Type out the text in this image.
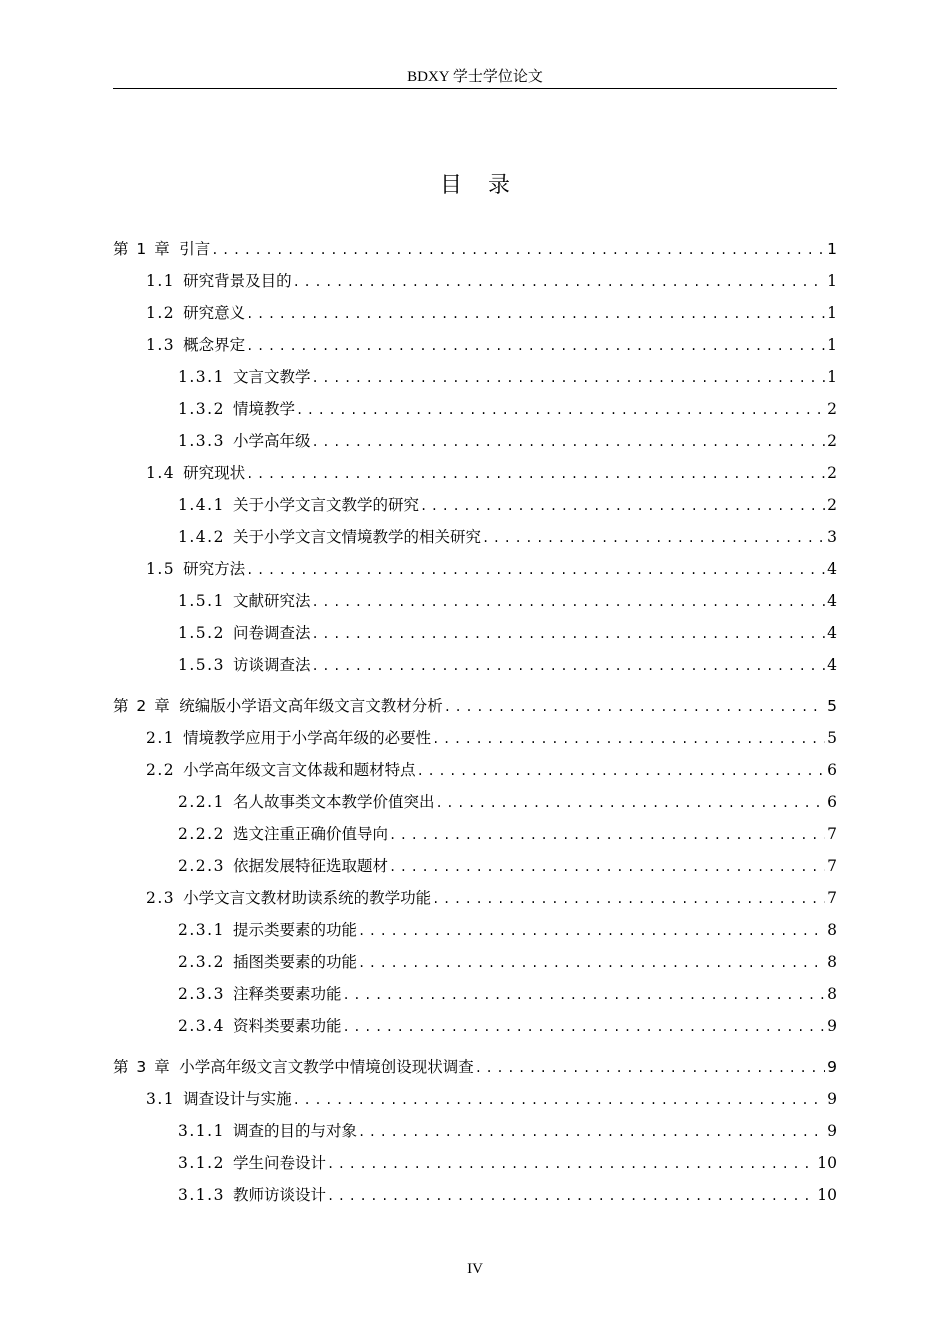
BDXY 学士学位论文
目 录
第 1 章 引言 .....	1
1.1 研究背景及目的 .....	1
1.2 研究意义 .....	1
1.3 概念界定 .....	1
1.3.1 文言文教学 .....	1
1.3.2 情境教学 .....	2
1.3.3 小学高年级 .....	2
1.4 研究现状 .....	2
1.4.1 关于小学文言文教学的研究 .....	2
1.4.2 关于小学文言文情境教学的相关研究 .....	3
1.5 研究方法 .....	4
1.5.1 文献研究法 .....	4
1.5.2 问卷调查法 .....	4
1.5.3 访谈调查法 .....	4
第 2 章 统编版小学语文高年级文言文教材分析 .....	5
2.1 情境教学应用于小学高年级的必要性 .....	5
2.2 小学高年级文言文体裁和题材特点 .....	6
2.2.1 名人故事类文本教学价值突出 .....	6
2.2.2 选文注重正确价值导向 .....	7
2.2.3 依据发展特征选取题材 .....	7
2.3 小学文言文教材助读系统的教学功能 .....	7
2.3.1 提示类要素的功能 .....	8
2.3.2 插图类要素的功能 .....	8
2.3.3 注释类要素功能 .....	8
2.3.4 资料类要素功能 .....	9
第 3 章 小学高年级文言文教学中情境创设现状调查 .....	9
3.1 调查设计与实施 .....	9
3.1.1 调查的目的与对象 .....	9
3.1.2 学生问卷设计 .....	10
3.1.3 教师访谈设计 .....	10
IV
